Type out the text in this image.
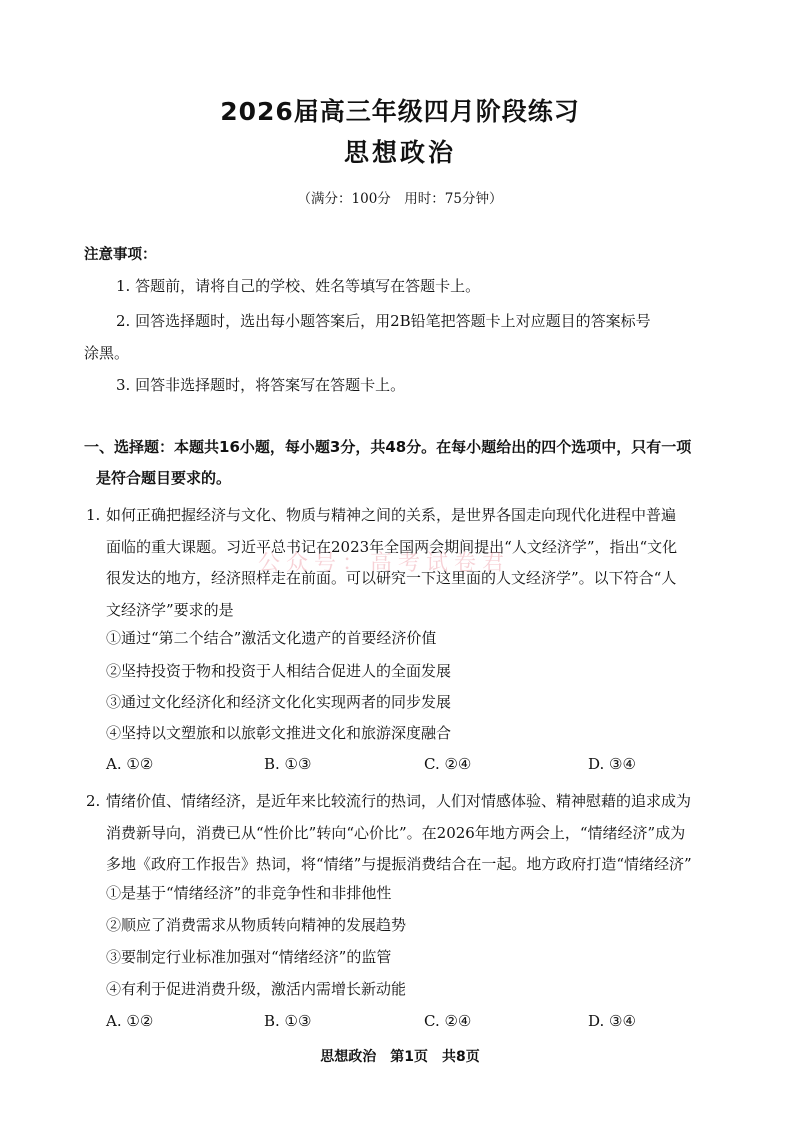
2026届高三年级四月阶段练习
思想政治
（满分：100分　用时：75分钟）
注意事项：
1. 答题前，请将自己的学校、姓名等填写在答题卡上。
2. 回答选择题时，选出每小题答案后，用2B铅笔把答题卡上对应题目的答案标号
涂黑。
3. 回答非选择题时，将答案写在答题卡上。
一、选择题：本题共16小题，每小题3分，共48分。在每小题给出的四个选项中，只有一项
是符合题目要求的。
公众号：高考试卷君
1. 如何正确把握经济与文化、物质与精神之间的关系，是世界各国走向现代化进程中普遍
面临的重大课题。习近平总书记在2023年全国两会期间提出“人文经济学”，指出“文化
很发达的地方，经济照样走在前面。可以研究一下这里面的人文经济学”。以下符合“人
文经济学”要求的是
①通过“第二个结合”激活文化遗产的首要经济价值
②坚持投资于物和投资于人相结合促进人的全面发展
③通过文化经济化和经济文化化实现两者的同步发展
④坚持以文塑旅和以旅彰文推进文化和旅游深度融合
A. ①②	B. ①③	C. ②④	D. ③④
2. 情绪价值、情绪经济，是近年来比较流行的热词，人们对情感体验、精神慰藉的追求成为
消费新导向，消费已从“性价比”转向“心价比”。在2026年地方两会上，“情绪经济”成为
多地《政府工作报告》热词，将“情绪”与提振消费结合在一起。地方政府打造“情绪经济”
①是基于“情绪经济”的非竞争性和非排他性
②顺应了消费需求从物质转向精神的发展趋势
③要制定行业标准加强对“情绪经济”的监管
④有利于促进消费升级，激活内需增长新动能
A. ①②	B. ①③	C. ②④	D. ③④
思想政治　第1页　共8页
